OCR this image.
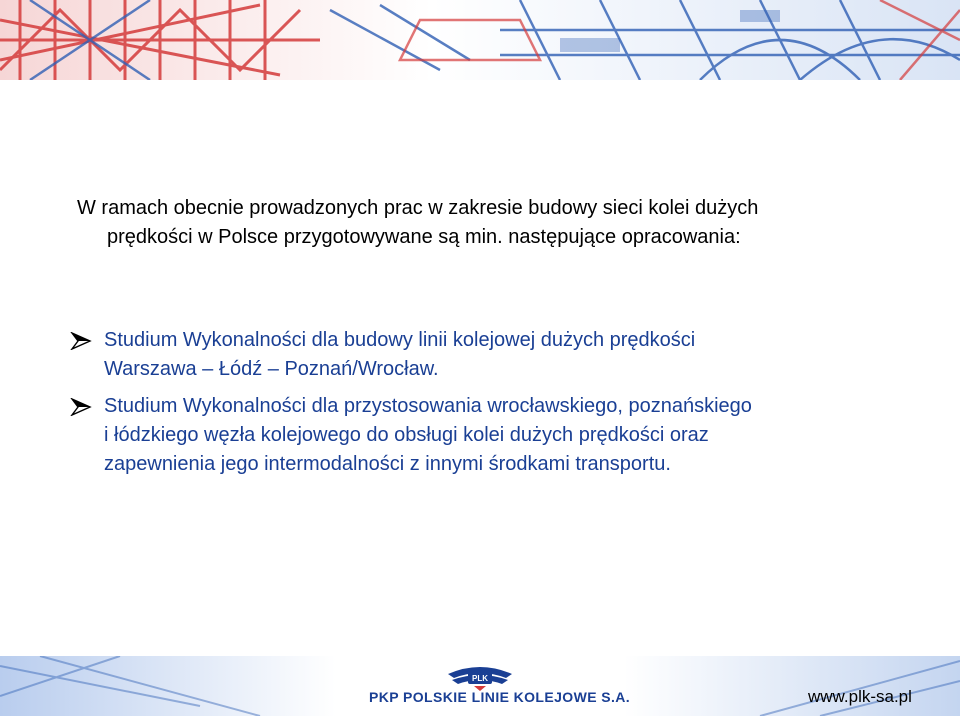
W ramach obecnie prowadzonych prac w zakresie budowy sieci kolei dużych
prędkości w Polsce przygotowywane są min. następujące opracowania:
Studium Wykonalności dla budowy linii kolejowej dużych prędkości
Warszawa – Łódź – Poznań/Wrocław.
Studium Wykonalności dla przystosowania wrocławskiego, poznańskiego
i łódzkiego węzła kolejowego do obsługi kolei dużych prędkości oraz
zapewnienia jego intermodalności z innymi środkami transportu.
PLK
PKP POLSKIE LINIE KOLEJOWE S.A.	www.plk-sa.pl
